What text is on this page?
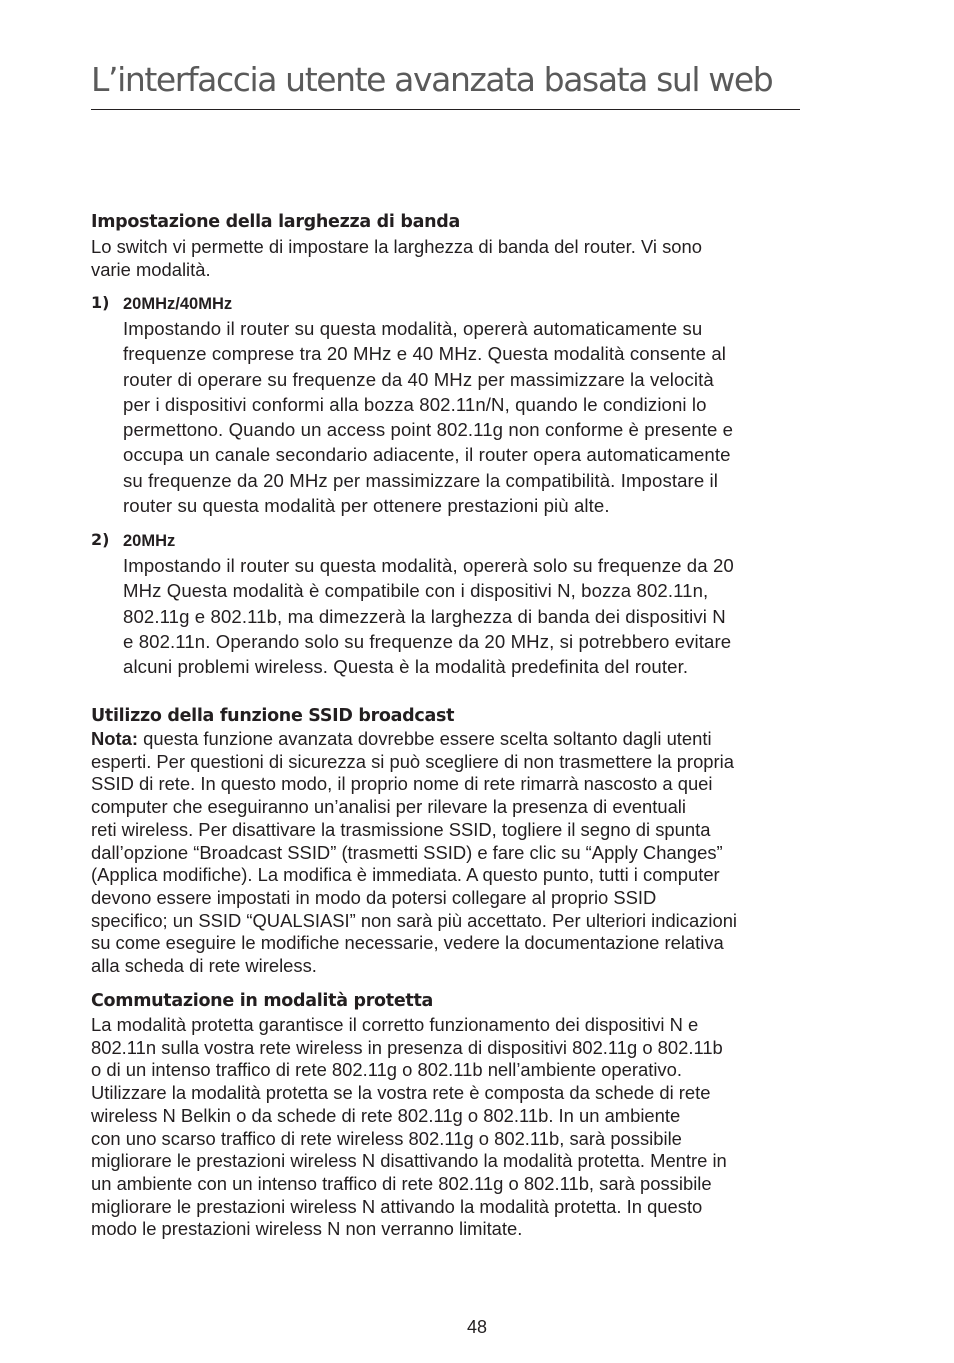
L’interfaccia utente avanzata basata sul web
Impostazione della larghezza di banda

Lo switch vi permette di impostare la larghezza di banda del router. Vi sono
varie modalità.

1) 20MHz/40MHz

Impostando il router su questa modalità, opererà automaticamente su
frequenze comprese tra 20 MHz e 40 MHz. Questa modalità consente al
router di operare su frequenze da 40 MHz per massimizzare la velocità
per i dispositivi conformi alla bozza 802.11n/N, quando le condizioni lo
permettono. Quando un access point 802.11g non conforme è presente e
occupa un canale secondario adiacente, il router opera automaticamente
su frequenze da 20 MHz per massimizzare la compatibilità. Impostare il
router su questa modalità per ottenere prestazioni più alte.

2) 20MHz

Impostando il router su questa modalità, opererà solo su frequenze da 20
MHz Questa modalità è compatibile con i dispositivi N, bozza 802.11n,
802.11g e 802.11b, ma dimezzerà la larghezza di banda dei dispositivi N
e 802.11n. Operando solo su frequenze da 20 MHz, si potrebbero evitare
alcuni problemi wireless. Questa è la modalità predefinita del router.

Utilizzo della funzione SSID broadcast

Nota: questa funzione avanzata dovrebbe essere scelta soltanto dagli utenti
esperti. Per questioni di sicurezza si può scegliere di non trasmettere la propria
SSID di rete. In questo modo, il proprio nome di rete rimarrà nascosto a quei
computer che eseguiranno un’analisi per rilevare la presenza di eventuali
reti wireless. Per disattivare la trasmissione SSID, togliere il segno di spunta
dall’opzione “Broadcast SSID” (trasmetti SSID) e fare clic su “Apply Changes”
(Applica modifiche). La modifica è immediata. A questo punto, tutti i computer
devono essere impostati in modo da potersi collegare al proprio SSID
specifico; un SSID “QUALSIASI” non sarà più accettato. Per ulteriori indicazioni
su come eseguire le modifiche necessarie, vedere la documentazione relativa
alla scheda di rete wireless.

Commutazione in modalità protetta

La modalità protetta garantisce il corretto funzionamento dei dispositivi N e
802.11n sulla vostra rete wireless in presenza di dispositivi 802.11g o 802.11b
o di un intenso traffico di rete 802.11g o 802.11b nell’ambiente operativo.
Utilizzare la modalità protetta se la vostra rete è composta da schede di rete
wireless N Belkin o da schede di rete 802.11g o 802.11b. In un ambiente
con uno scarso traffico di rete wireless 802.11g o 802.11b, sarà possibile
migliorare le prestazioni wireless N disattivando la modalità protetta. Mentre in
un ambiente con un intenso traffico di rete 802.11g o 802.11b, sarà possibile
migliorare le prestazioni wireless N attivando la modalità protetta. In questo
modo le prestazioni wireless N non verranno limitate.

48
